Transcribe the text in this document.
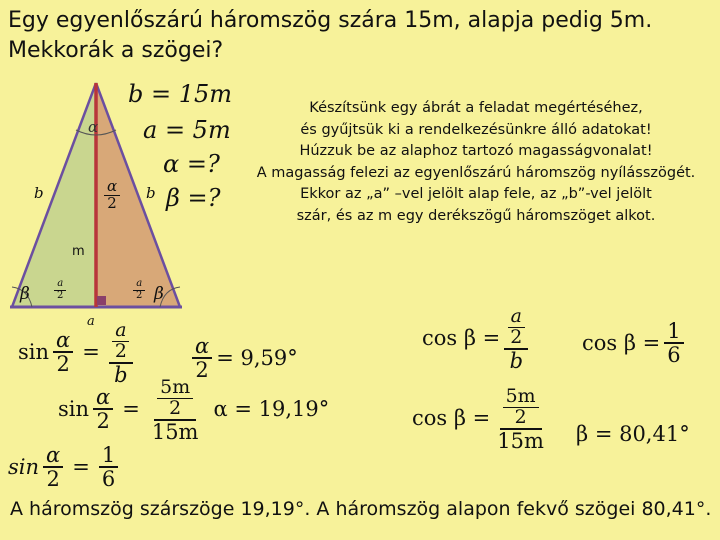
Egy egyenlőszárú háromszög szára 15m, alapja pedig 5m.
Mekkorák a szögei?
α
b	b
m
β	β
a
$\frac{\alpha}{2}$
$\frac{a}{2}$	$\frac{a}{2}$
b = 15m
a = 5m
α =?
β =?
Készítsünk egy ábrát a feladat megértéséhez,
és gyűjtsük ki a rendelkezésünkre álló adatokat!
Húzzuk be az alaphoz tartozó magasságvonalat!
A magasság felezi az egyenlőszárú háromszög nyílásszögét.
Ekkor az „a” –vel jelölt alap fele, az „b”-vel jelölt
szár, és az m egy derékszögű háromszöget alkot.
$\sin \frac{\alpha}{2} = \frac{\frac{a}{2}}{b}$	$\frac{\alpha}{2} = 9,59^\circ$
$\sin \frac{\alpha}{2} = \frac{\frac{5m}{2}}{15m}$ α = 19,19°
$\sin \frac{\alpha}{2} = \frac{1}{6}$
$\cos \beta = \frac{\frac{a}{2}}{b}$	$\cos \beta = \frac{1}{6}$
$\cos \beta = \frac{\frac{5m}{2}}{15m}$ β = 80,41°
A háromszög szárszöge 19,19°. A háromszög alapon fekvő szögei 80,41°.
